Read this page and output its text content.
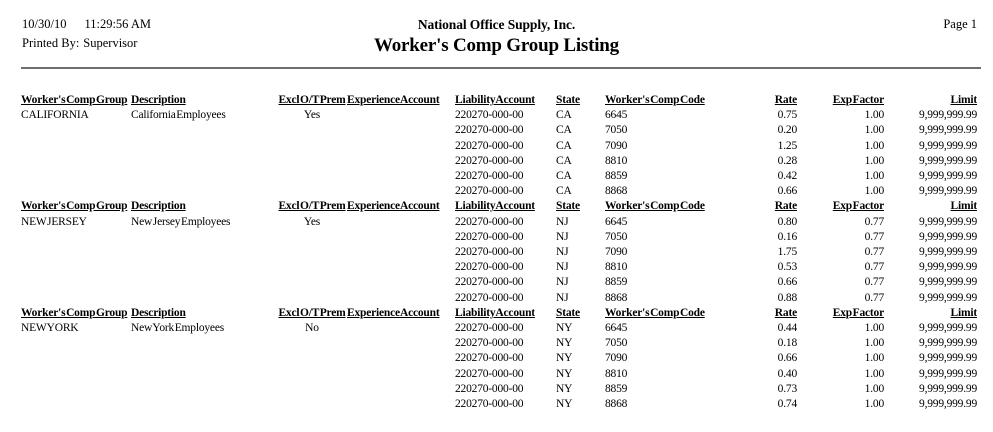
10/30/10 11:29:56 AM
Printed By: Supervisor
National Office Supply, Inc.
Worker's Comp Group Listing
Page 1
Worker's Comp Group	Description	Excl O/T Prem	Experience Account	Liability Account	State	Worker's Comp Code	Rate	Exp Factor	Limit
CALIFORNIA	California Employees	Yes		220270-000-00	CA	6645	0.75	1.00	9,999,999.99
				220270-000-00	CA	7050	0.20	1.00	9,999,999.99
				220270-000-00	CA	7090	1.25	1.00	9,999,999.99
				220270-000-00	CA	8810	0.28	1.00	9,999,999.99
				220270-000-00	CA	8859	0.42	1.00	9,999,999.99
				220270-000-00	CA	8868	0.66	1.00	9,999,999.99
Worker's Comp Group	Description	Excl O/T Prem	Experience Account	Liability Account	State	Worker's Comp Code	Rate	Exp Factor	Limit
NEW JERSEY	New Jersey Employees	Yes		220270-000-00	NJ	6645	0.80	0.77	9,999,999.99
				220270-000-00	NJ	7050	0.16	0.77	9,999,999.99
				220270-000-00	NJ	7090	1.75	0.77	9,999,999.99
				220270-000-00	NJ	8810	0.53	0.77	9,999,999.99
				220270-000-00	NJ	8859	0.66	0.77	9,999,999.99
				220270-000-00	NJ	8868	0.88	0.77	9,999,999.99
Worker's Comp Group	Description	Excl O/T Prem	Experience Account	Liability Account	State	Worker's Comp Code	Rate	Exp Factor	Limit
NEW YORK	New York Employees	No		220270-000-00	NY	6645	0.44	1.00	9,999,999.99
				220270-000-00	NY	7050	0.18	1.00	9,999,999.99
				220270-000-00	NY	7090	0.66	1.00	9,999,999.99
				220270-000-00	NY	8810	0.40	1.00	9,999,999.99
				220270-000-00	NY	8859	0.73	1.00	9,999,999.99
				220270-000-00	NY	8868	0.74	1.00	9,999,999.99
